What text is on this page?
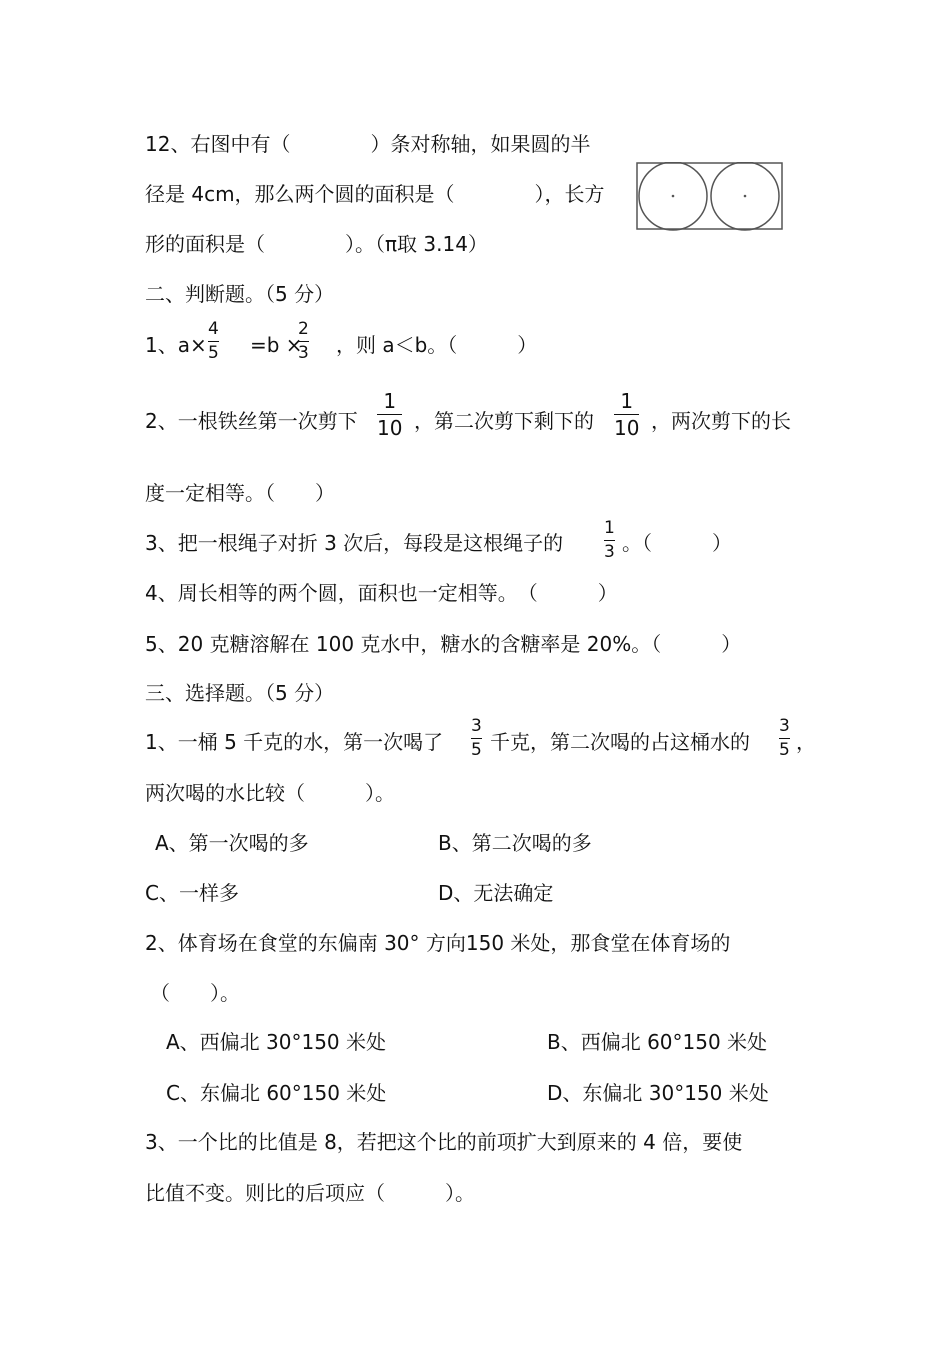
12、右图中有（　　　　）条对称轴，如果圆的半
径是 4cm，那么两个圆的面积是（　　　　），长方
形的面积是（　　　　）。（π取 3.14）
二、判断题。（5 分）
1、a×
4
5 =b ×
2
3 ，则 a＜b。（　　　）
2、一根铁丝第一次剪下
1
10 ，第二次剪下剩下的
1
10 ，两次剪下的长
度一定相等。（　　）
3、把一根绳子对折 3 次后，每段是这根绳子的
1
3 。（　　　）
4、周长相等的两个圆，面积也一定相等。　（　　　）
5、20 克糖溶解在 100 克水中，糖水的含糖率是 20%。（　　　）
三、选择题。（5 分）
1、一桶 5 千克的水，第一次喝了
3
5 千克，第二次喝的占这桶水的
3
5 ，
两次喝的水比较（　　　）。
A、第一次喝的多	B、第二次喝的多
C、一样多	D、无法确定
2、体育场在食堂的东偏南 30° 方向150 米处，那食堂在体育场的
（　　）。
A、西偏北 30°150 米处	B、西偏北 60°150 米处
C、东偏北 60°150 米处	D、东偏北 30°150 米处
3、一个比的比值是 8，若把这个比的前项扩大到原来的 4 倍，要使
比值不变。则比的后项应（　　　）。
